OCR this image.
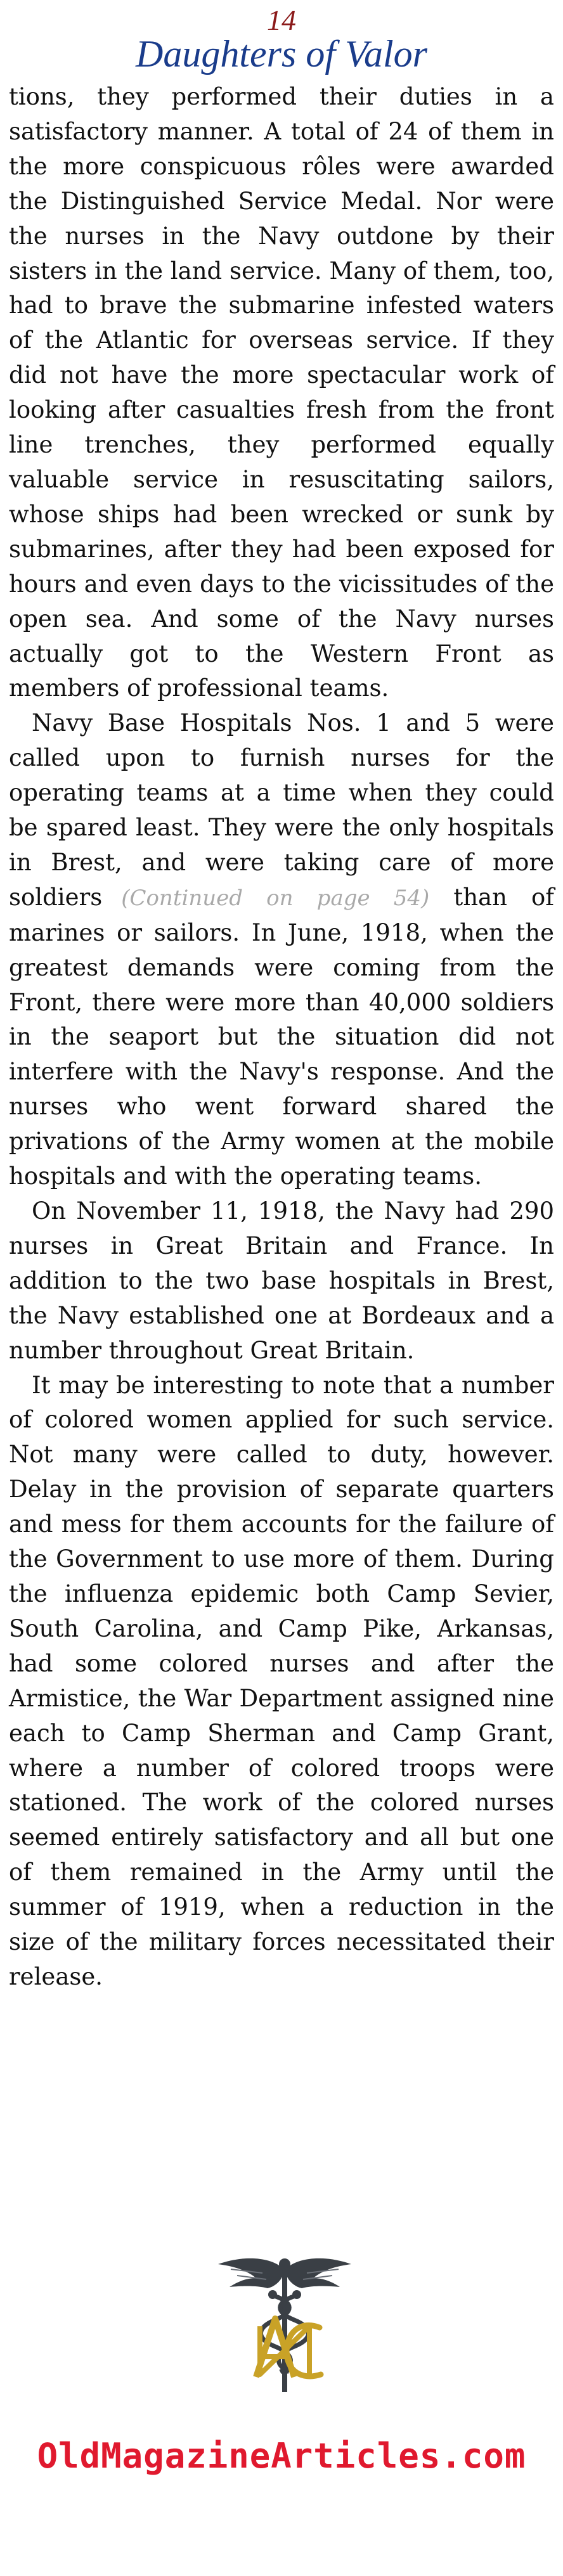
14
Daughters of Valor

tions, they performed their duties in a satisfactory manner. A total of 24 of them in the more conspicuous rôles were awarded the Distinguished Service Medal. Nor were the nurses in the Navy outdone by their sisters in the land service. Many of them, too, had to brave the submarine infested waters of the Atlantic for overseas service. If they did not have the more spectacular work of looking after casualties fresh from the front line trenches, they performed equally valuable service in resuscitating sailors, whose ships had been wrecked or sunk by submarines, after they had been exposed for hours and even days to the vicissitudes of the open sea. And some of the Navy nurses actually got to the Western Front as members of professional teams.

Navy Base Hospitals Nos. 1 and 5 were called upon to furnish nurses for the operating teams at a time when they could be spared least. They were the only hospitals in Brest, and were taking care of more soldiers (Continued on page 54) than of marines or sailors. In June, 1918, when the greatest demands were coming from the Front, there were more than 40,000 soldiers in the seaport but the situation did not interfere with the Navy's response. And the nurses who went forward shared the privations of the Army women at the mobile hospitals and with the operating teams.

On November 11, 1918, the Navy had 290 nurses in Great Britain and France. In addition to the two base hospitals in Brest, the Navy established one at Bordeaux and a number throughout Great Britain.

It may be interesting to note that a number of colored women applied for such service. Not many were called to duty, however. Delay in the provision of separate quarters and mess for them accounts for the failure of the Government to use more of them. During the influenza epidemic both Camp Sevier, South Carolina, and Camp Pike, Arkansas, had some colored nurses and after the Armistice, the War Department assigned nine each to Camp Sherman and Camp Grant, where a number of colored troops were stationed. The work of the colored nurses seemed entirely satisfactory and all but one of them remained in the Army until the summer of 1919, when a reduction in the size of the military forces necessitated their release.

OldMagazineArticles.com
